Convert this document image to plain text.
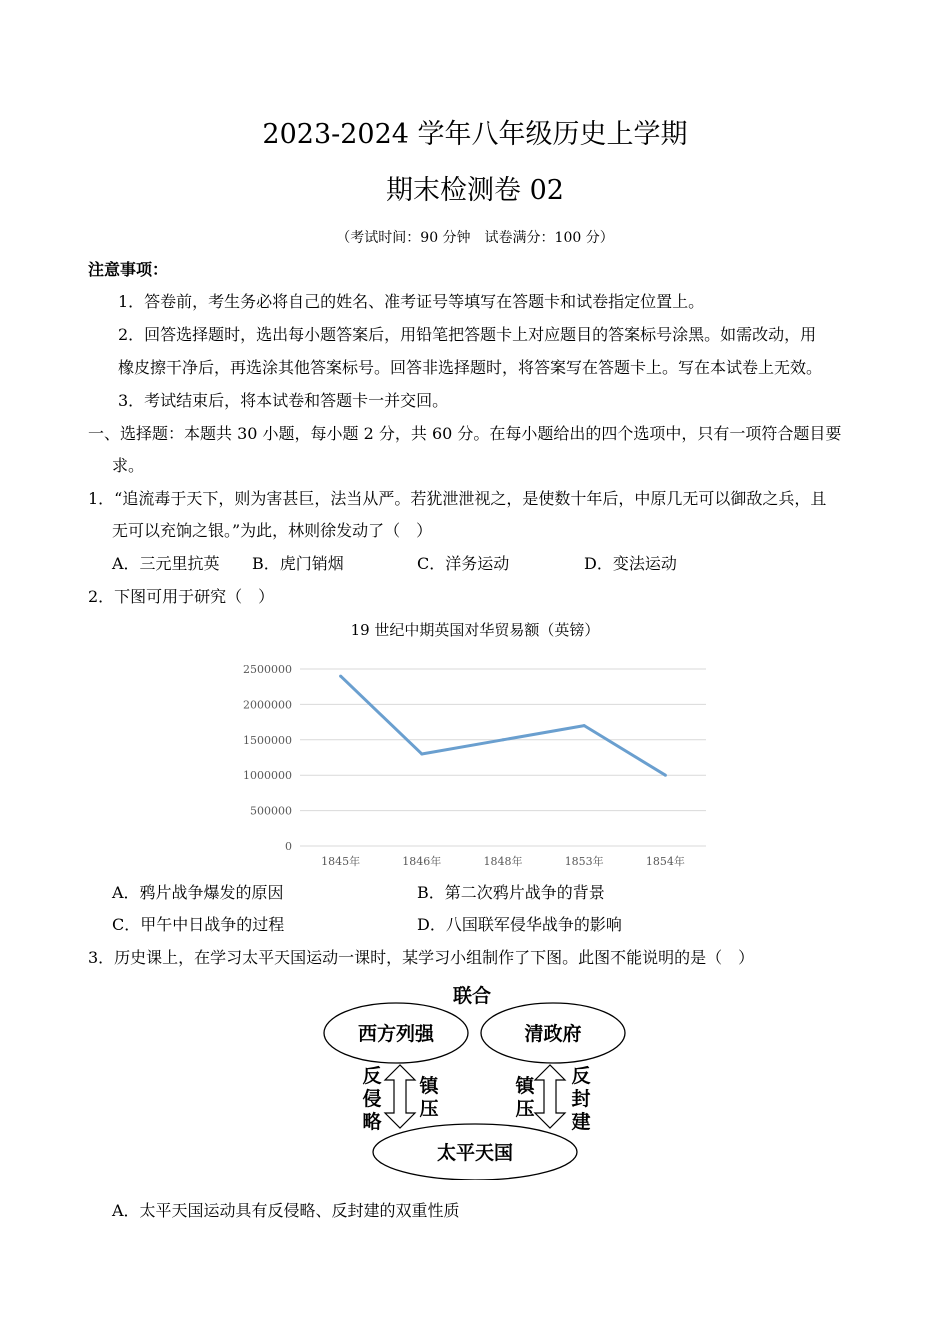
2023-2024 学年八年级历史上学期
期末检测卷 02
（考试时间：90 分钟　试卷满分：100 分）
注意事项：
1．答卷前，考生务必将自己的姓名、准考证号等填写在答题卡和试卷指定位置上。
2．回答选择题时，选出每小题答案后，用铅笔把答题卡上对应题目的答案标号涂黑。如需改动，用
橡皮擦干净后，再选涂其他答案标号。回答非选择题时，将答案写在答题卡上。写在本试卷上无效。
3．考试结束后，将本试卷和答题卡一并交回。
一、选择题：本题共 30 小题，每小题 2 分，共 60 分。在每小题给出的四个选项中，只有一项符合题目要
求。
1．“追流毒于天下，则为害甚巨，法当从严。若犹泄泄视之，是使数十年后，中原几无可以御敌之兵，且
无可以充饷之银。”为此，林则徐发动了（　）
A．三元里抗英 B．虎门销烟	C．洋务运动	D．变法运动
2．下图可用于研究（　）
19 世纪中期英国对华贸易额（英镑）
0
500000
1000000
1500000
2000000
2500000
1845年	1846年	1848年	1853年	1854年
A．鸦片战争爆发的原因	B．第二次鸦片战争的背景
C．甲午中日战争的过程	D．八国联军侵华战争的影响
3．历史课上，在学习太平天国运动一课时，某学习小组制作了下图。此图不能说明的是（　）
联合
西方列强	清政府
太平天国
反
侵
略
镇
压
镇
压
反
封
建
A．太平天国运动具有反侵略、反封建的双重性质
